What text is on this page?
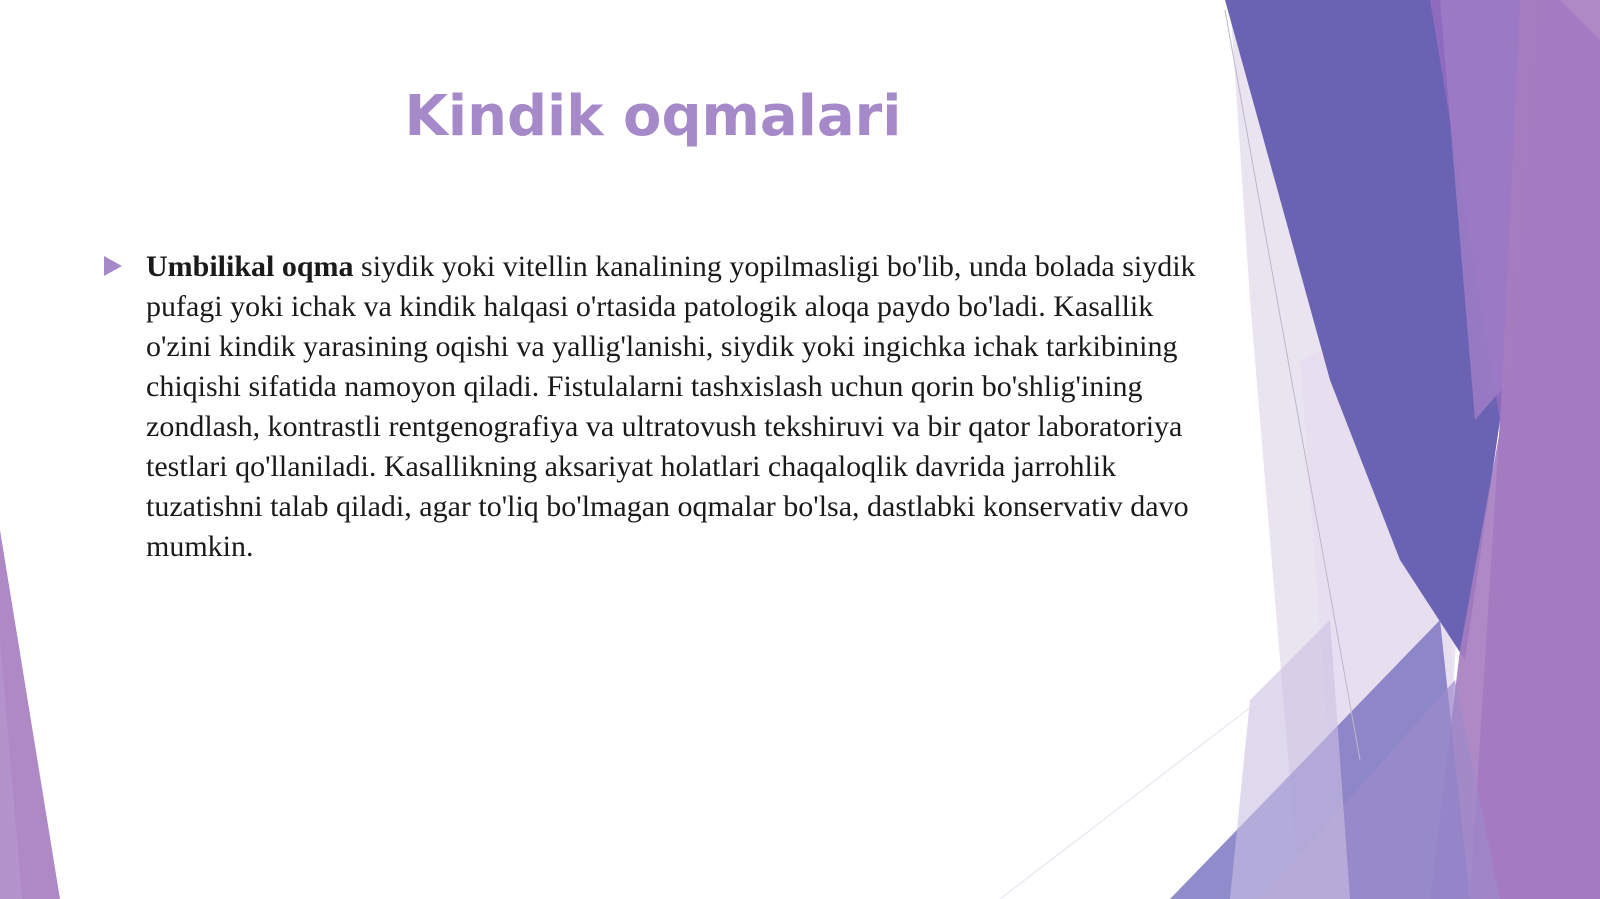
Kindik oqmalari

Umbilikal oqma siydik yoki vitellin kanalining yopilmasligi bo'lib, unda bolada siydik pufagi yoki ichak va kindik halqasi o'rtasida patologik aloqa paydo bo'ladi. Kasallik o'zini kindik yarasining oqishi va yallig'lanishi, siydik yoki ingichka ichak tarkibining chiqishi sifatida namoyon qiladi. Fistulalarni tashxislash uchun qorin bo'shlig'ining zondlash, kontrastli rentgenografiya va ultratovush tekshiruvi va bir qator laboratoriya testlari qo'llaniladi. Kasallikning aksariyat holatlari chaqaloqlik davrida jarrohlik tuzatishni talab qiladi, agar to'liq bo'lmagan oqmalar bo'lsa, dastlabki konservativ davo mumkin.
